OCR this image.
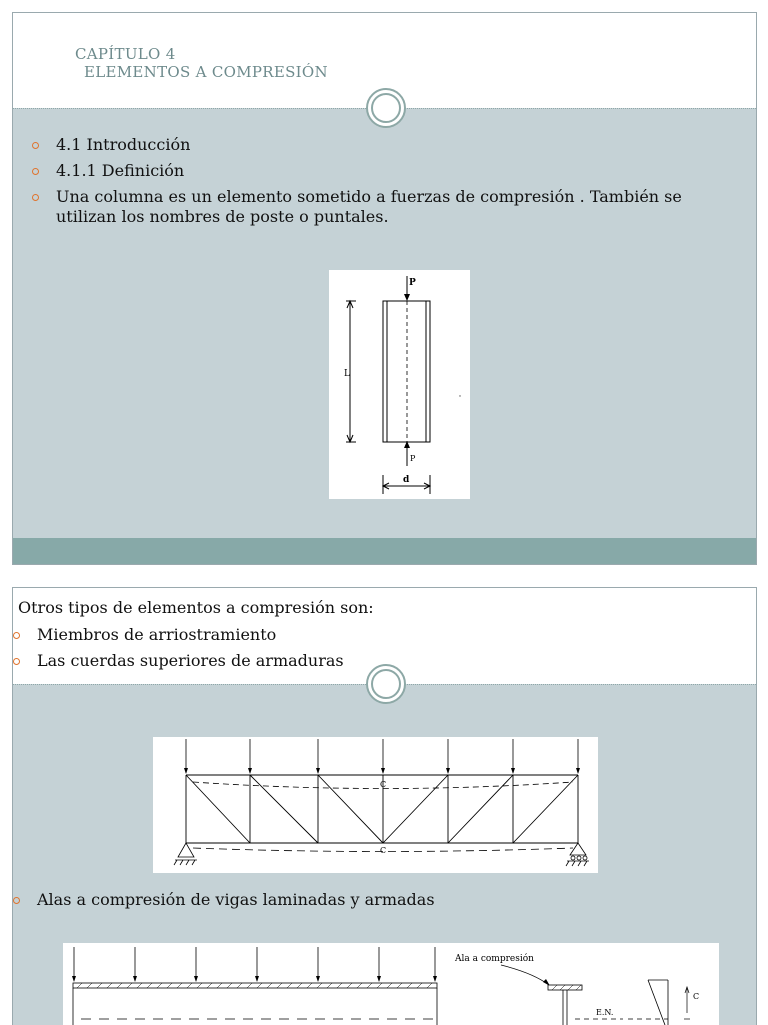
CAPÍTULO 4
ELEMENTOS A COMPRESIÓN
4.1 Introducción
4.1.1 Definición
Una columna es un elemento sometido a fuerzas de compresión . También se utilizan los nombres de poste o puntales.
P
P
L
d

Otros tipos de elementos a compresión son:

Miembros de arriostramiento
Las cuerdas superiores de armaduras
C
C
Alas a compresión de vigas laminadas y armadas
Ala a compresión
E.N.
C
